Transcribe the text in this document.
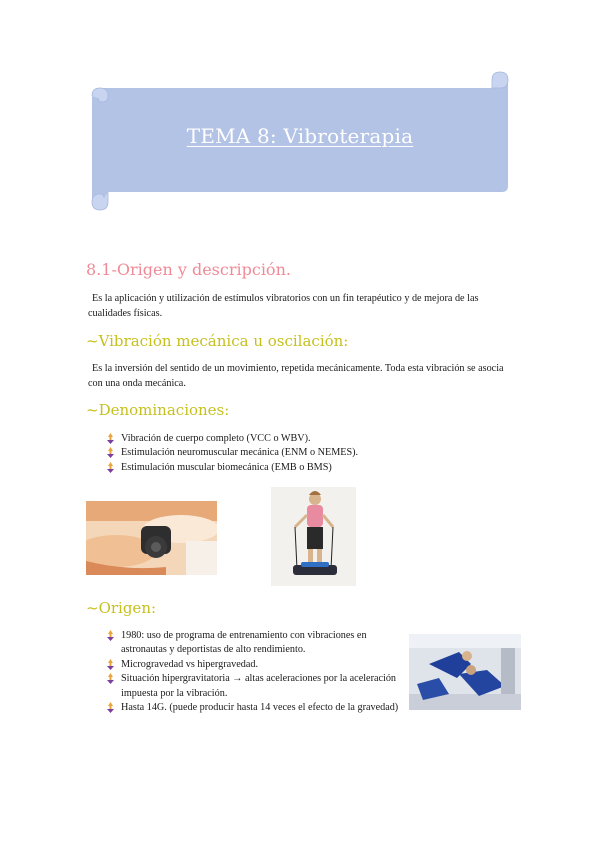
TEMA 8: Vibroterapia
8.1-Origen y descripción.
Es la aplicación y utilización de estímulos vibratorios con un fin terapéutico y de mejora de las cualidades físicas.
~Vibración mecánica u oscilación:
Es la inversión del sentido de un movimiento, repetida mecánicamente. Toda esta vibración se asocia con una onda mecánica.
~Denominaciones:
Vibración de cuerpo completo (VCC o WBV).
Estimulación neuromuscular mecánica (ENM o NEMES).
Estimulación muscular biomecánica (EMB o BMS)
~Origen:
1980: uso de programa de entrenamiento con vibraciones en astronautas y deportistas de alto rendimiento.
Microgravedad vs hipergravedad.
Situación hipergravitatoria → altas aceleraciones por la aceleración impuesta por la vibración.
Hasta 14G. (puede producir hasta 14 veces el efecto de la gravedad)
